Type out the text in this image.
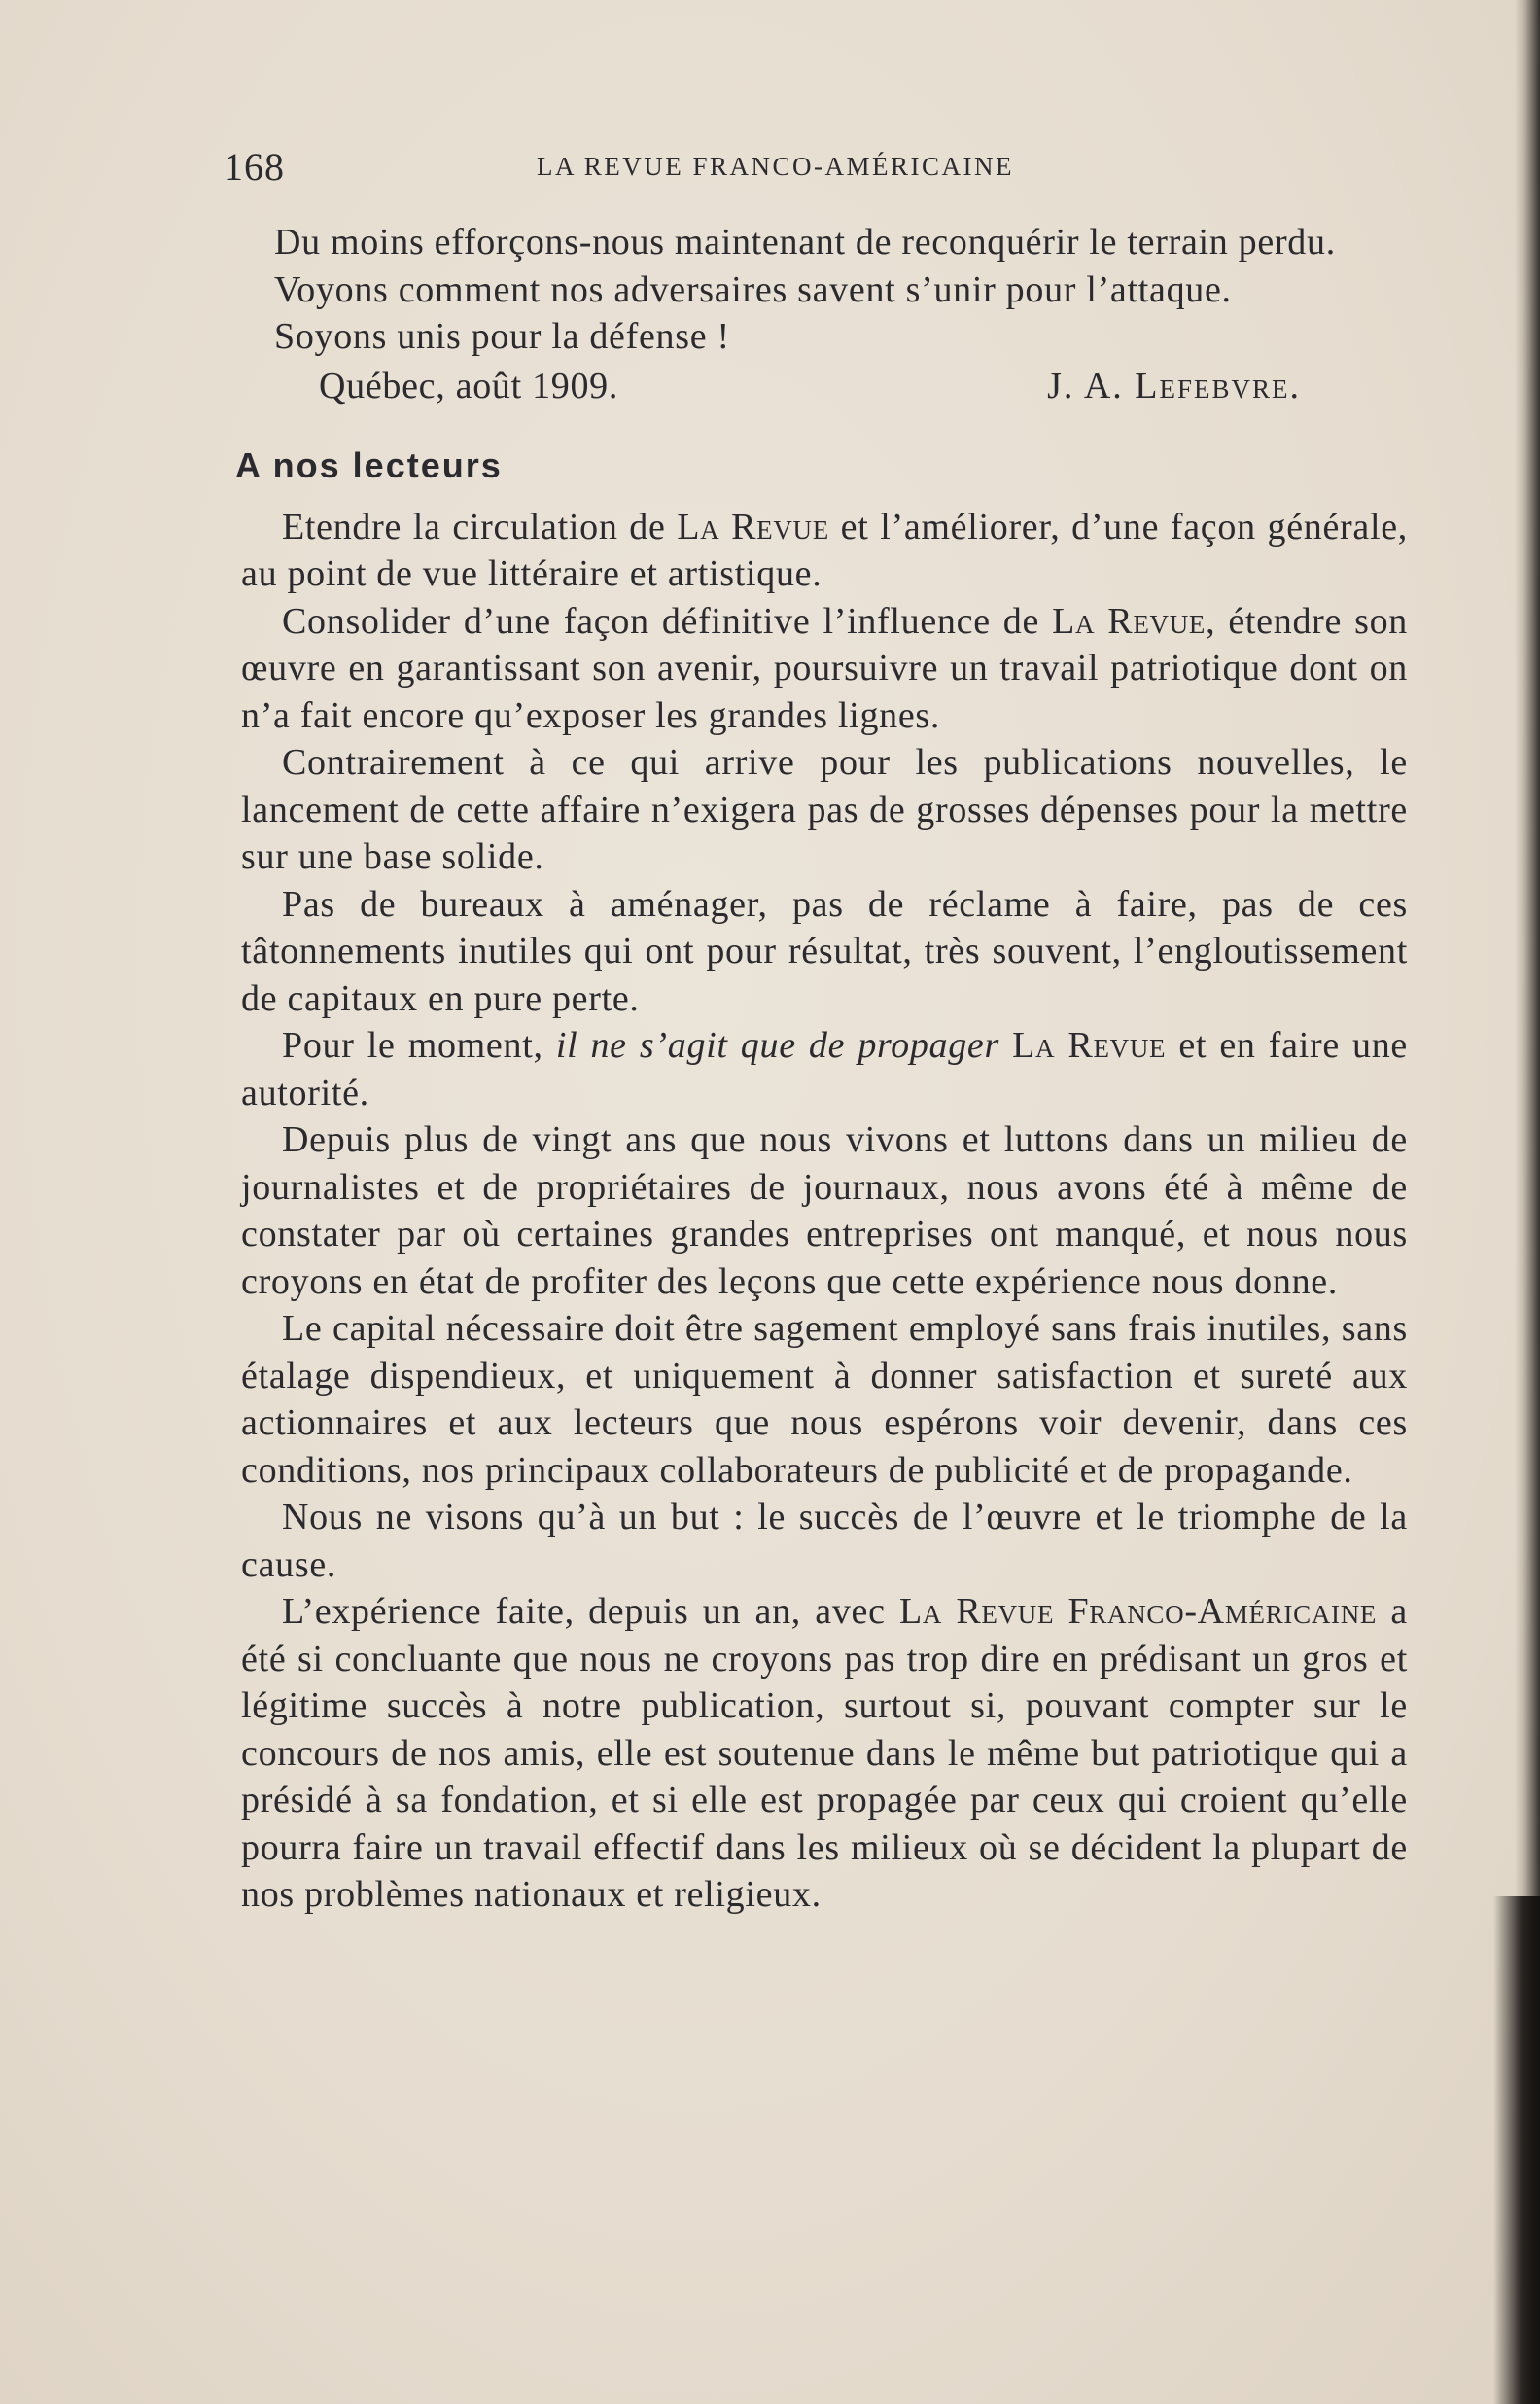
168	LA REVUE FRANCO-AMÉRICAINE

Du moins efforçons-nous maintenant de reconquérir le terrain perdu.

Voyons comment nos adversaires savent s’unir pour l’attaque.

Soyons unis pour la défense !

Québec, août 1909.	J. A. Lefebvre.

A nos lecteurs

Etendre la circulation de La Revue et l’améliorer, d’une façon générale, au point de vue littéraire et artistique.

Consolider d’une façon définitive l’influence de La Revue, étendre son œuvre en garantissant son avenir, poursuivre un travail patriotique dont on n’a fait encore qu’exposer les grandes lignes.

Contrairement à ce qui arrive pour les publications nouvelles, le lancement de cette affaire n’exigera pas de grosses dépenses pour la mettre sur une base solide.

Pas de bureaux à aménager, pas de réclame à faire, pas de ces tâtonnements inutiles qui ont pour résultat, très souvent, l’engloutissement de capitaux en pure perte.

Pour le moment, il ne s’agit que de propager La Revue et en faire une autorité.

Depuis plus de vingt ans que nous vivons et luttons dans un milieu de journalistes et de propriétaires de journaux, nous avons été à même de constater par où certaines grandes entreprises ont manqué, et nous nous croyons en état de profiter des leçons que cette expérience nous donne.

Le capital nécessaire doit être sagement employé sans frais inutiles, sans étalage dispendieux, et uniquement à donner satisfaction et sureté aux actionnaires et aux lecteurs que nous espérons voir devenir, dans ces conditions, nos principaux collaborateurs de publicité et de propagande.

Nous ne visons qu’à un but : le succès de l’œuvre et le triomphe de la cause.

L’expérience faite, depuis un an, avec La Revue Franco-Américaine a été si concluante que nous ne croyons pas trop dire en prédisant un gros et légitime succès à notre publication, surtout si, pouvant compter sur le concours de nos amis, elle est soutenue dans le même but patriotique qui a présidé à sa fondation, et si elle est propagée par ceux qui croient qu’elle pourra faire un travail effectif dans les milieux où se décident la plupart de nos problèmes nationaux et religieux.
